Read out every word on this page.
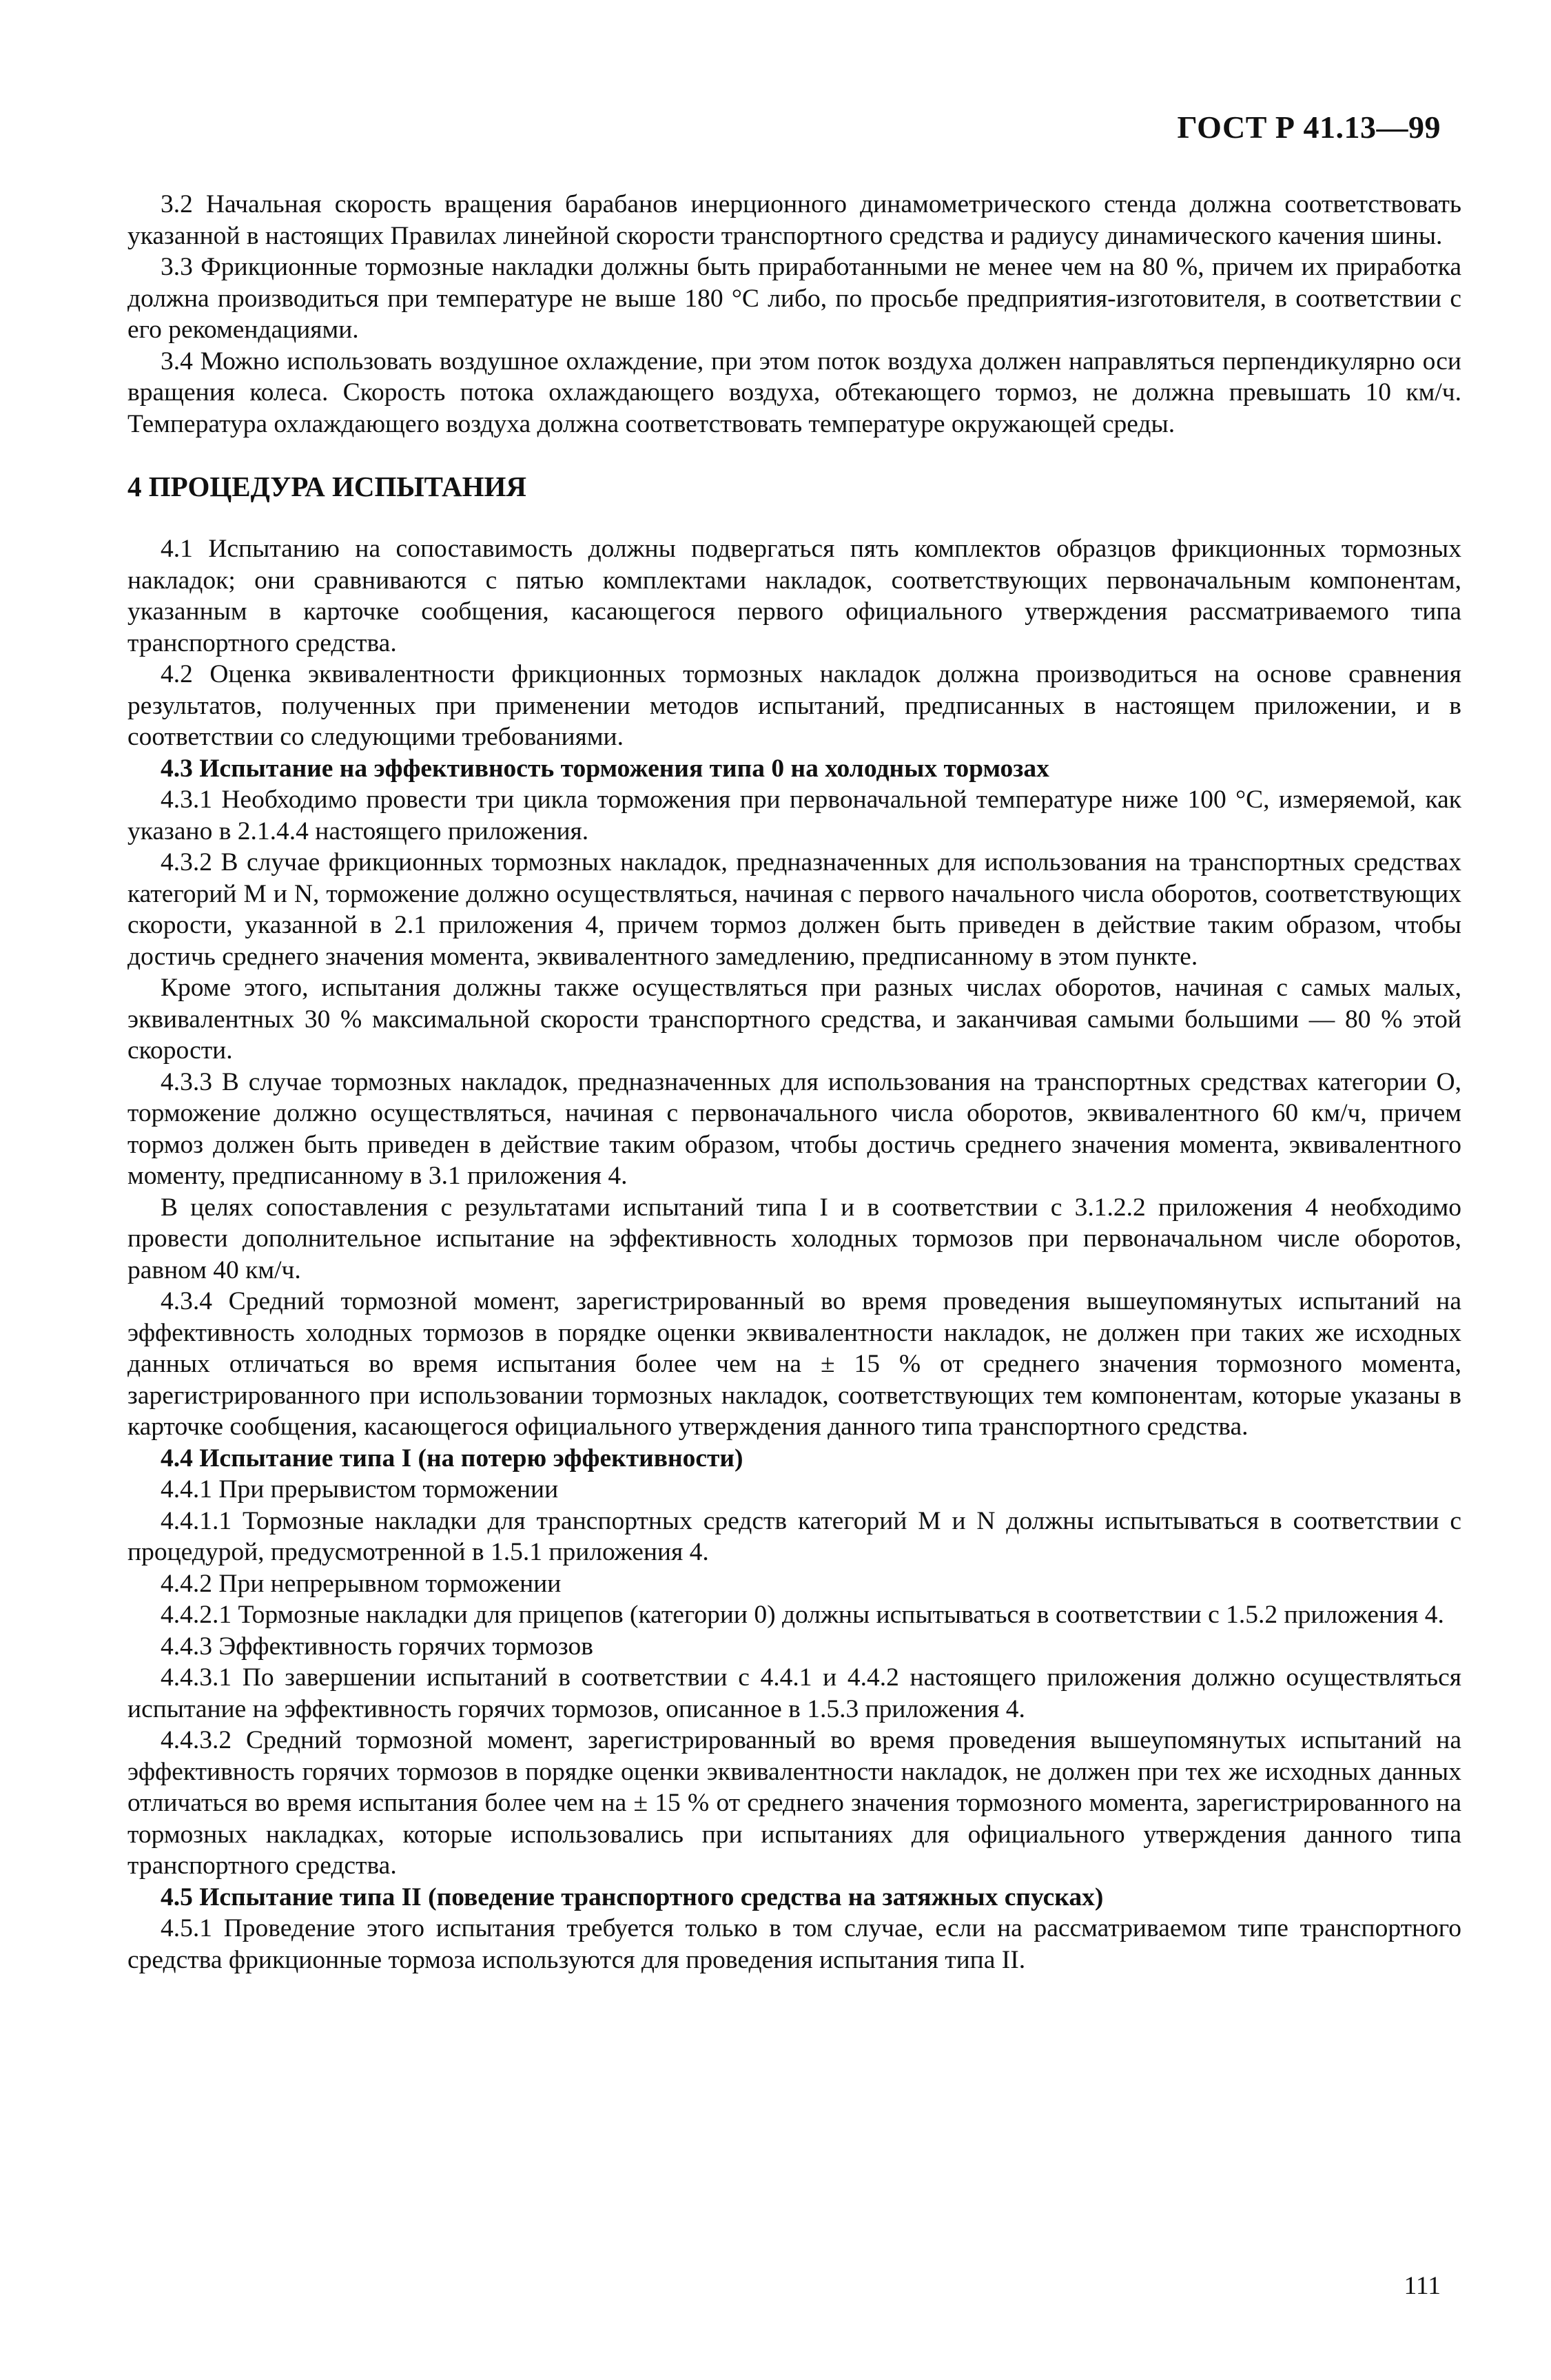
ГОСТ Р 41.13—99

3.2 Начальная скорость вращения барабанов инерционного динамометрического стенда должна соответствовать указанной в настоящих Правилах линейной скорости транспортного средства и радиусу динамического качения шины.

3.3 Фрикционные тормозные накладки должны быть приработанными не менее чем на 80 %, причем их приработка должна производиться при температуре не выше 180 °С либо, по просьбе предприятия-изготовителя, в соответствии с его рекомендациями.

3.4 Можно использовать воздушное охлаждение, при этом поток воздуха должен направляться перпендикулярно оси вращения колеса. Скорость потока охлаждающего воздуха, обтекающего тормоз, не должна превышать 10 км/ч. Температура охлаждающего воздуха должна соответствовать температуре окружающей среды.

4 ПРОЦЕДУРА ИСПЫТАНИЯ

4.1 Испытанию на сопоставимость должны подвергаться пять комплектов образцов фрикционных тормозных накладок; они сравниваются с пятью комплектами накладок, соответствующих первоначальным компонентам, указанным в карточке сообщения, касающегося первого официального утверждения рассматриваемого типа транспортного средства.

4.2 Оценка эквивалентности фрикционных тормозных накладок должна производиться на основе сравнения результатов, полученных при применении методов испытаний, предписанных в настоящем приложении, и в соответствии со следующими требованиями.

4.3 Испытание на эффективность торможения типа 0 на холодных тормозах

4.3.1 Необходимо провести три цикла торможения при первоначальной температуре ниже 100 °С, измеряемой, как указано в 2.1.4.4 настоящего приложения.

4.3.2 В случае фрикционных тормозных накладок, предназначенных для использования на транспортных средствах категорий М и N, торможение должно осуществляться, начиная с первого начального числа оборотов, соответствующих скорости, указанной в 2.1 приложения 4, причем тормоз должен быть приведен в действие таким образом, чтобы достичь среднего значения момента, эквивалентного замедлению, предписанному в этом пункте.

Кроме этого, испытания должны также осуществляться при разных числах оборотов, начиная с самых малых, эквивалентных 30 % максимальной скорости транспортного средства, и заканчивая самыми большими — 80 % этой скорости.

4.3.3 В случае тормозных накладок, предназначенных для использования на транспортных средствах категории О, торможение должно осуществляться, начиная с первоначального числа оборотов, эквивалентного 60 км/ч, причем тормоз должен быть приведен в действие таким образом, чтобы достичь среднего значения момента, эквивалентного моменту, предписанному в 3.1 приложения 4.

В целях сопоставления с результатами испытаний типа I и в соответствии с 3.1.2.2 приложения 4 необходимо провести дополнительное испытание на эффективность холодных тормозов при первоначальном числе оборотов, равном 40 км/ч.

4.3.4 Средний тормозной момент, зарегистрированный во время проведения вышеупомянутых испытаний на эффективность холодных тормозов в порядке оценки эквивалентности накладок, не должен при таких же исходных данных отличаться во время испытания более чем на ± 15 % от среднего значения тормозного момента, зарегистрированного при использовании тормозных накладок, соответствующих тем компонентам, которые указаны в карточке сообщения, касающегося официального утверждения данного типа транспортного средства.

4.4 Испытание типа I (на потерю эффективности)

4.4.1 При прерывистом торможении

4.4.1.1 Тормозные накладки для транспортных средств категорий М и N должны испытываться в соответствии с процедурой, предусмотренной в 1.5.1 приложения 4.

4.4.2 При непрерывном торможении

4.4.2.1 Тормозные накладки для прицепов (категории 0) должны испытываться в соответствии с 1.5.2 приложения 4.

4.4.3 Эффективность горячих тормозов

4.4.3.1 По завершении испытаний в соответствии с 4.4.1 и 4.4.2 настоящего приложения должно осуществляться испытание на эффективность горячих тормозов, описанное в 1.5.3 приложения 4.

4.4.3.2 Средний тормозной момент, зарегистрированный во время проведения вышеупомянутых испытаний на эффективность горячих тормозов в порядке оценки эквивалентности накладок, не должен при тех же исходных данных отличаться во время испытания более чем на ± 15 % от среднего значения тормозного момента, зарегистрированного на тормозных накладках, которые использовались при испытаниях для официального утверждения данного типа транспортного средства.

4.5 Испытание типа II (поведение транспортного средства на затяжных спусках)

4.5.1 Проведение этого испытания требуется только в том случае, если на рассматриваемом типе транспортного средства фрикционные тормоза используются для проведения испытания типа II.

111
